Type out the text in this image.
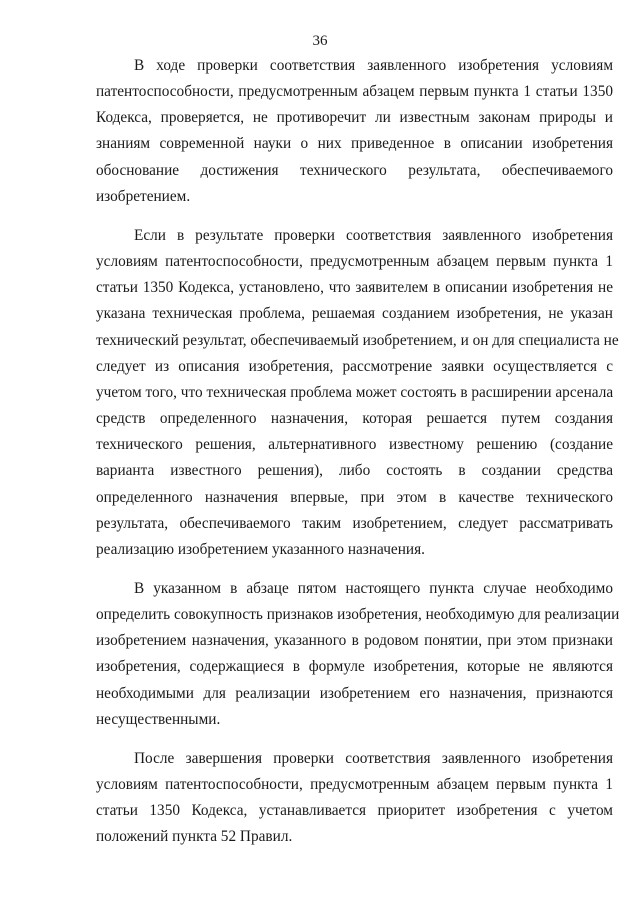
36

В ходе проверки соответствия заявленного изобретения условиям
патентоспособности, предусмотренным абзацем первым пункта 1 статьи 1350
Кодекса, проверяется, не противоречит ли известным законам природы и
знаниям современной науки о них приведенное в описании изобретения
обоснование достижения технического результата, обеспечиваемого
изобретением.

Если в результате проверки соответствия заявленного изобретения
условиям патентоспособности, предусмотренным абзацем первым пункта 1
статьи 1350 Кодекса, установлено, что заявителем в описании изобретения не
указана техническая проблема, решаемая созданием изобретения, не указан
технический результат, обеспечиваемый изобретением, и он для специалиста не
следует из описания изобретения, рассмотрение заявки осуществляется с
учетом того, что техническая проблема может состоять в расширении арсенала
средств определенного назначения, которая решается путем создания
технического решения, альтернативного известному решению (создание
варианта известного решения), либо состоять в создании средства
определенного назначения впервые, при этом в качестве технического
результата, обеспечиваемого таким изобретением, следует рассматривать
реализацию изобретением указанного назначения.

В указанном в абзаце пятом настоящего пункта случае необходимо
определить совокупность признаков изобретения, необходимую для реализации
изобретением назначения, указанного в родовом понятии, при этом признаки
изобретения, содержащиеся в формуле изобретения, которые не являются
необходимыми для реализации изобретением его назначения, признаются
несущественными.

После завершения проверки соответствия заявленного изобретения
условиям патентоспособности, предусмотренным абзацем первым пункта 1
статьи 1350 Кодекса, устанавливается приоритет изобретения с учетом
положений пункта 52 Правил.
